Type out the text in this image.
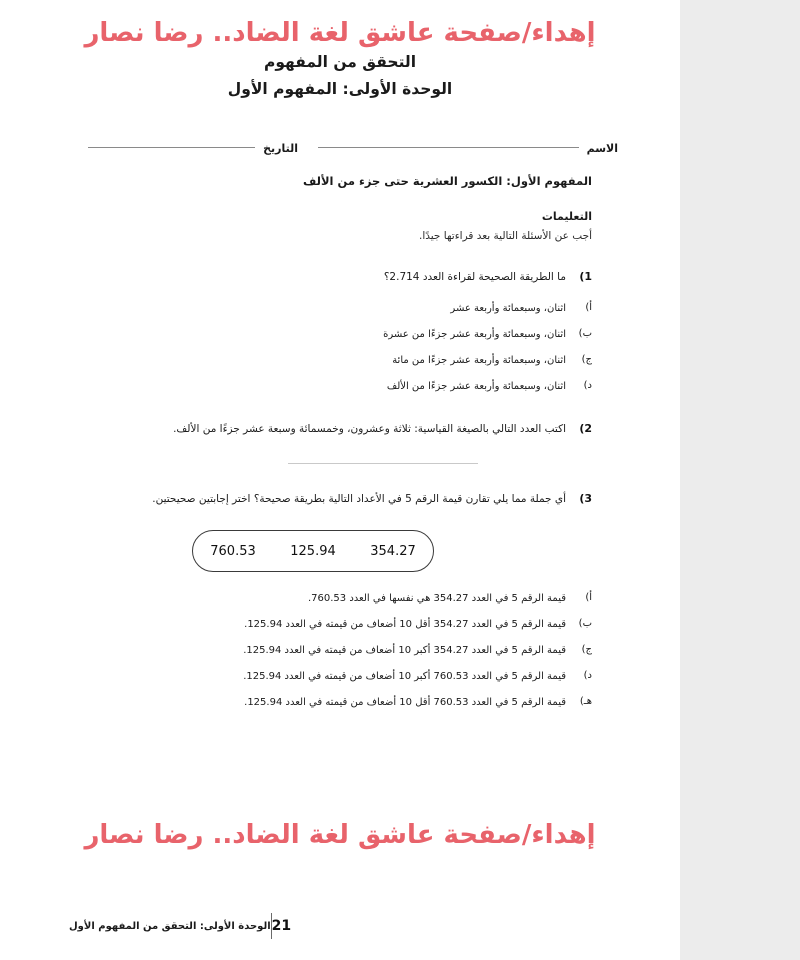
إهداء/صفحة عاشق لغة الضاد.. رضا نصار
التحقق من المفهوم
الوحدة الأولى: المفهوم الأول
الاسم
التاريخ
المفهوم الأول: الكسور العشرية حتى جزء من الألف
التعليمات
أجب عن الأسئلة التالية بعد قراءتها جيدًا.
1)
ما الطريقة الصحيحة لقراءة العدد 2.714؟
أ)
اثنان، وسبعمائة وأربعة عشر
ب)
اثنان، وسبعمائة وأربعة عشر جزءًا من عشرة
ج)
اثنان، وسبعمائة وأربعة عشر جزءًا من مائة
د)
اثنان، وسبعمائة وأربعة عشر جزءًا من الألف
2)
اكتب العدد التالي بالصيغة القياسية: ثلاثة وعشرون، وخمسمائة وسبعة عشر جزءًا من الألف.
3)
أي جملة مما يلي تقارن قيمة الرقم 5 في الأعداد التالية بطريقة صحيحة؟ اختر إجابتين صحيحتين.
354.27
125.94
760.53
أ)
قيمة الرقم 5 في العدد 354.27 هي نفسها في العدد 760.53.
ب)
قيمة الرقم 5 في العدد 354.27 أقل 10 أضعاف من قيمته في العدد 125.94.
ج)
قيمة الرقم 5 في العدد 354.27 أكبر 10 أضعاف من قيمته في العدد 125.94.
د)
قيمة الرقم 5 في العدد 760.53 أكبر 10 أضعاف من قيمته في العدد 125.94.
هـ)
قيمة الرقم 5 في العدد 760.53 أقل 10 أضعاف من قيمته في العدد 125.94.
إهداء/صفحة عاشق لغة الضاد.. رضا نصار
الوحدة الأولى: التحقق من المفهوم الأول 21
